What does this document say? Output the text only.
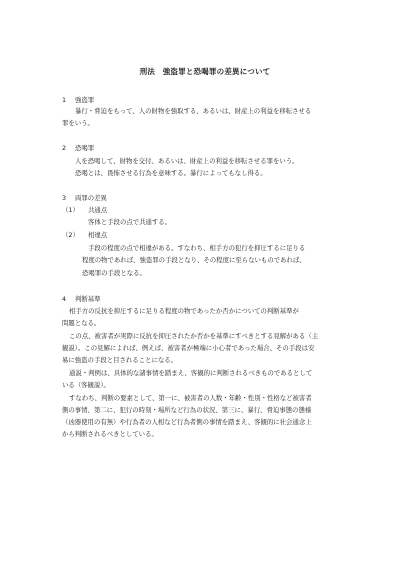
刑法　強盗罪と恐喝罪の差異について
1 強盗罪
暴行・脅迫をもって、人の財物を強取する、あるいは、財産上の利益を移転させる
罪をいう。
2 恐喝罪
人を恐喝して、財物を交付、あるいは、財産上の利益を移転させる罪をいう。
恐喝とは、畏怖させる行為を意味する。暴行によってもなし得る。
3 両罪の差異
（1） 共通点
客体と手段の点で共通する。
（2） 相違点
手段の程度の点で相違がある。すなわち、相手方の犯行を抑圧するに足りる
程度の物であれば、強盗罪の手段となり、その程度に至らないものであれば、
恐喝罪の手段となる。
4 判断基準
相手方の反抗を抑圧するに足りる程度の物であったか否かについての判断基準が
問題となる。
この点、被害者が実際に反抗を抑圧されたか否かを基準にすべきとする見解がある（主
観説）。この見解によれば、例えば、被害者が極端に小心者であった場合、その手段は安
易に強盗の手段と目されることになる。
通説・判例は、具体的な諸事情を踏まえ、客観的に判断されるべきものであるとして
いる（客観説）。
すなわち、判断の要素として、第一に、被害者の人数・年齢・性別・性格など被害者
側の事情、第二に、犯行の時刻・場所など行為の状況、第三に、暴行、脅迫事態の態様
（凶器使用の有無）や行為者の人相など行為者側の事情を踏まえ、客観的に社会通念上
から判断されるべきとしている。
